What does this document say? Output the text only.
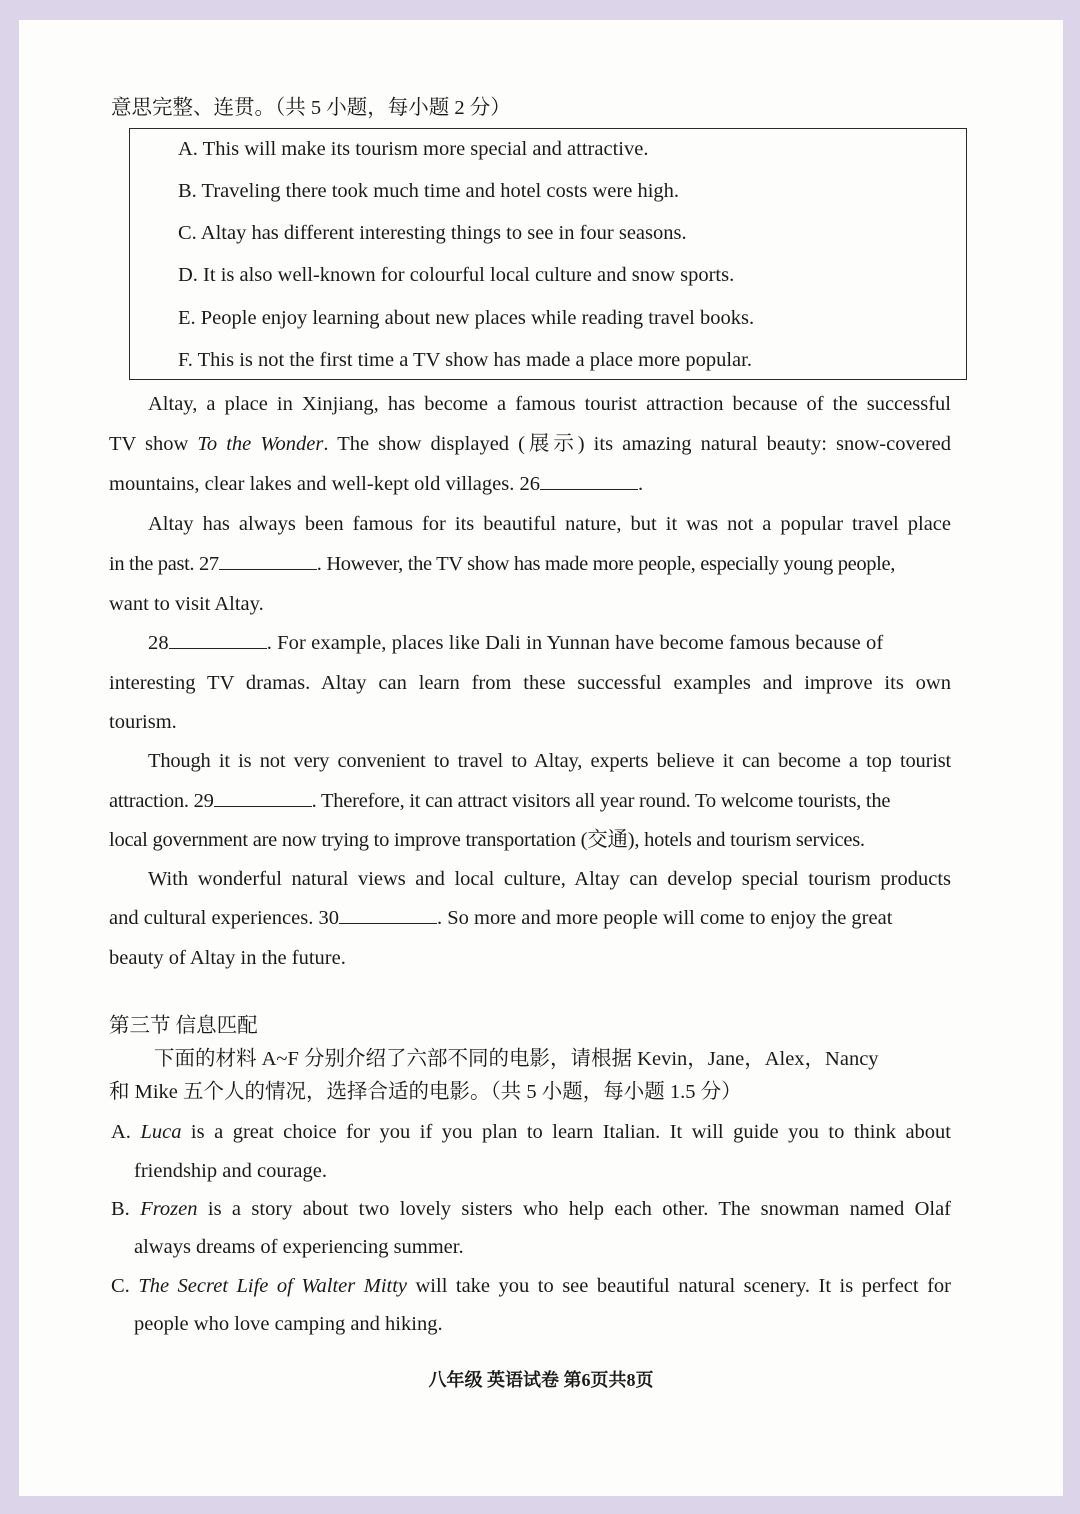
意思完整、连贯。（共 5 小题，每小题 2 分）
A. This will make its tourism more special and attractive.
B. Traveling there took much time and hotel costs were high.
C. Altay has different interesting things to see in four seasons.
D. It is also well-known for colourful local culture and snow sports.
E. People enjoy learning about new places while reading travel books.
F. This is not the first time a TV show has made a place more popular.
Altay, a place in Xinjiang, has become a famous tourist attraction because of the successful
TV show To the Wonder. The show displayed (展示) its amazing natural beauty: snow-covered
mountains, clear lakes and well-kept old villages. 26	.
Altay has always been famous for its beautiful nature, but it was not a popular travel place
in the past. 27	. However, the TV show has made more people, especially young people,
want to visit Altay.
28	. For example, places like Dali in Yunnan have become famous because of
interesting TV dramas. Altay can learn from these successful examples and improve its own
tourism.
Though it is not very convenient to travel to Altay, experts believe it can become a top tourist
attraction. 29	. Therefore, it can attract visitors all year round. To welcome tourists, the
local government are now trying to improve transportation (交通), hotels and tourism services.
With wonderful natural views and local culture, Altay can develop special tourism products
and cultural experiences. 30	. So more and more people will come to enjoy the great
beauty of Altay in the future.
第三节 信息匹配
下面的材料 A~F 分别介绍了六部不同的电影，请根据 Kevin，Jane，Alex，Nancy
和 Mike 五个人的情况，选择合适的电影。（共 5 小题，每小题 1.5 分）
A. Luca is a great choice for you if you plan to learn Italian. It will guide you to think about
friendship and courage.
B. Frozen is a story about two lovely sisters who help each other. The snowman named Olaf
always dreams of experiencing summer.
C. The Secret Life of Walter Mitty will take you to see beautiful natural scenery. It is perfect for
people who love camping and hiking.
八年级 英语试卷 第6页共8页
